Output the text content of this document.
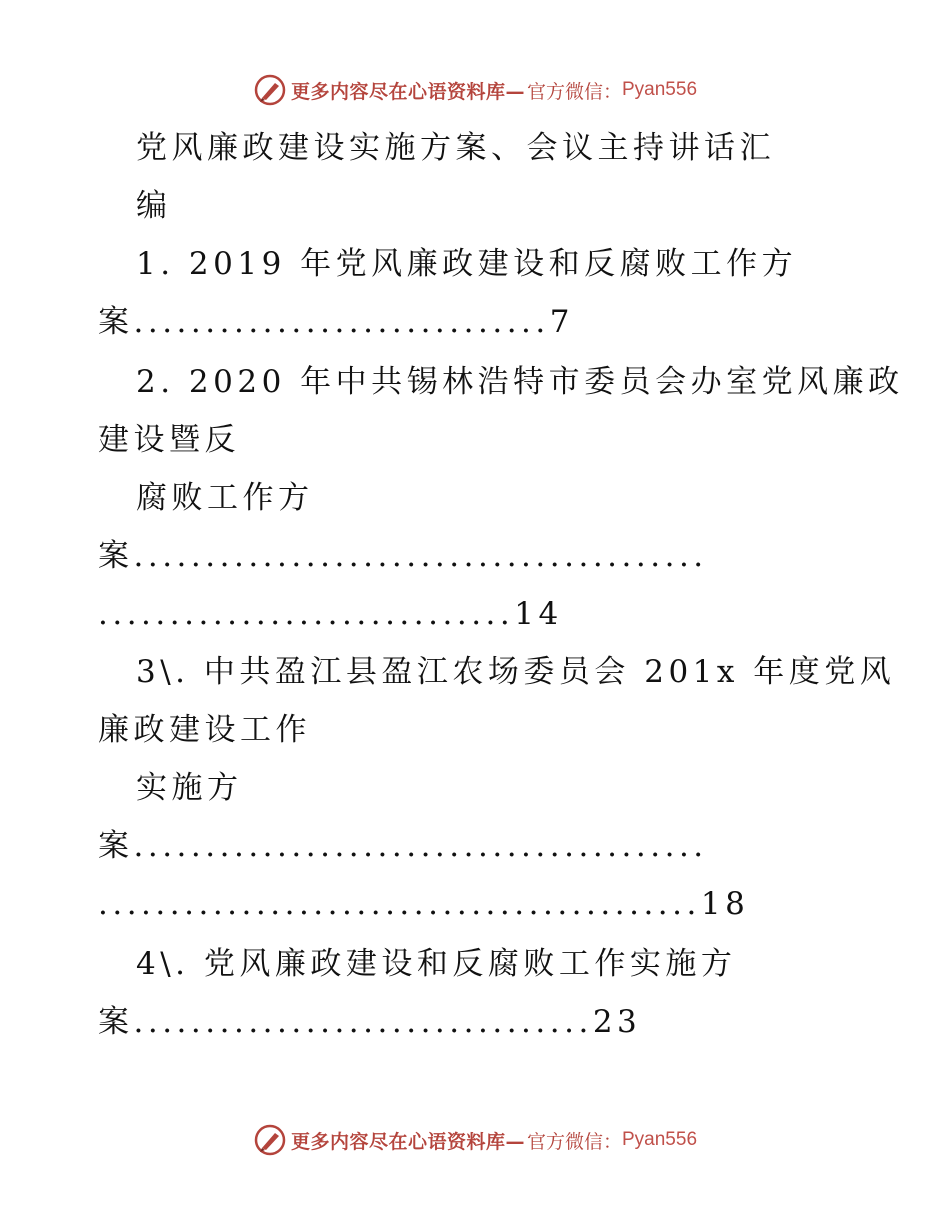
更多内容尽在心语资料库— 官方微信： Pyan556
党风廉政建设实施方案、会议主持讲话汇
编
1. 2019 年党风廉政建设和反腐败工作方
案.............................7
2. 2020 年中共锡林浩特市委员会办室党风廉政
建设暨反
腐败工作方
案........................................
.............................14
3\. 中共盈江县盈江农场委员会 201x 年度党风
廉政建设工作
实施方
案........................................
..........................................18
4\. 党风廉政建设和反腐败工作实施方
案................................23
更多内容尽在心语资料库— 官方微信： Pyan556
